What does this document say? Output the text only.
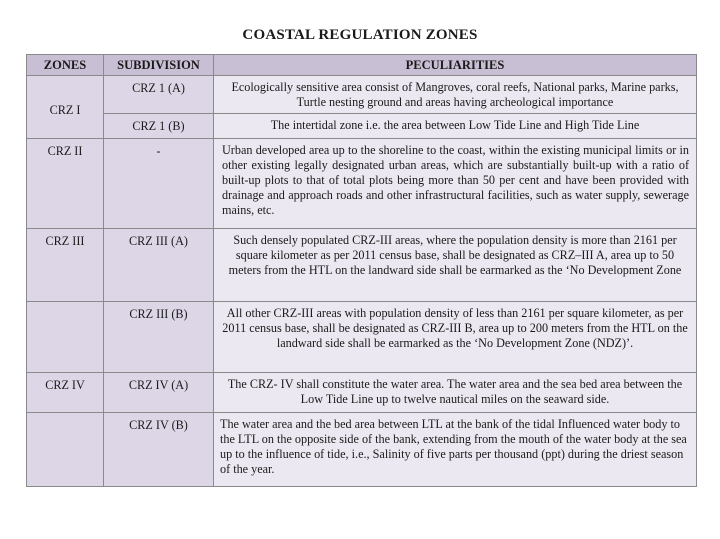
COASTAL REGULATION ZONES
ZONES	SUBDIVISION	PECULIARITIES

CRZ I	CRZ 1 (A)	Ecologically sensitive area consist of Mangroves, coral reefs, National parks, Marine parks, Turtle nesting ground and areas having archeological importance

	CRZ 1 (B)	The intertidal zone i.e. the area between Low Tide Line and High Tide Line

CRZ II	-	Urban developed area up to the shoreline to the coast, within the existing municipal limits or in other existing legally designated urban areas, which are substantially built-up with a ratio of built-up plots to that of total plots being more than 50 per cent and have been provided with drainage and approach roads and other infrastructural facilities, such as water supply, sewerage mains, etc.

CRZ III	CRZ III (A)	Such densely populated CRZ-III areas, where the population density is more than 2161 per square kilometer as per 2011 census base, shall be designated as CRZ–III A, area up to 50 meters from the HTL on the landward side shall be earmarked as the ‘No Development Zone

	CRZ III (B)	All other CRZ-III areas with population density of less than 2161 per square kilometer, as per 2011 census base, shall be designated as CRZ-III B, area up to 200 meters from the HTL on the landward side shall be earmarked as the ‘No Development Zone (NDZ)’.

CRZ IV	CRZ IV (A)	The CRZ- IV shall constitute the water area. The water area and the sea bed area between the Low Tide Line up to twelve nautical miles on the seaward side.

	CRZ IV (B)	The water area and the bed area between LTL at the bank of the tidal Influenced water body to the LTL on the opposite side of the bank, extending from the mouth of the water body at the sea up to the influence of tide, i.e., Salinity of five parts per thousand (ppt) during the driest season of the year.
